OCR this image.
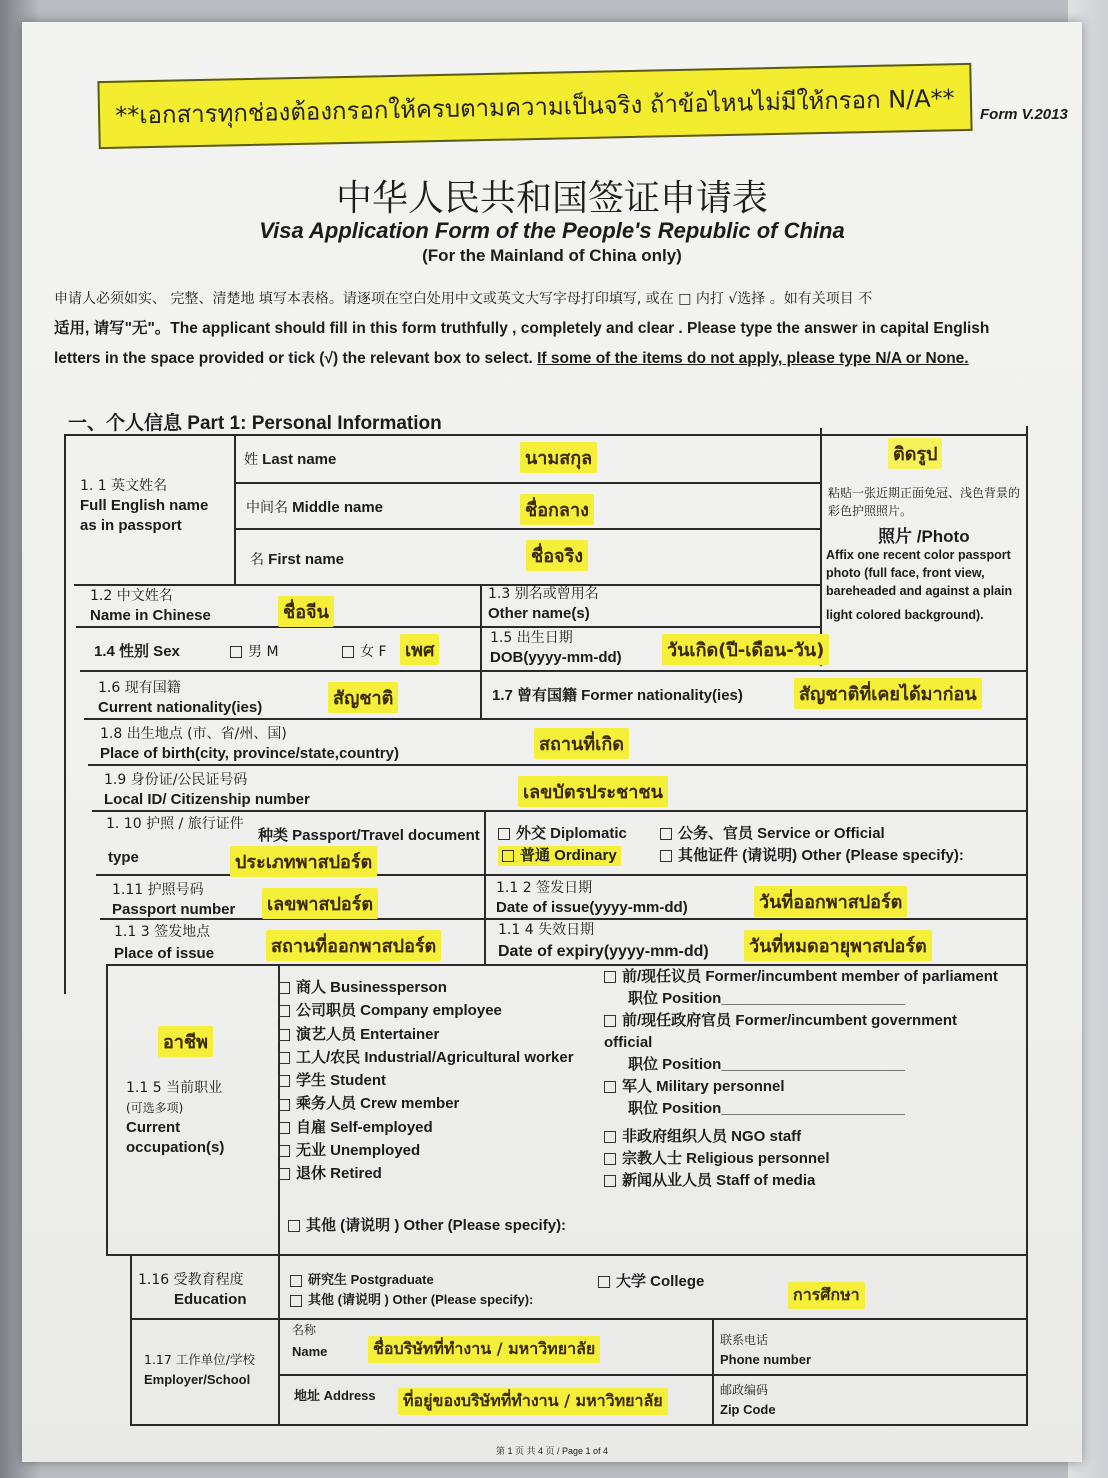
**เอกสารทุกช่องต้องกรอกให้ครบตามความเป็นจริง ถ้าข้อไหนไม่มีให้กรอก N/A**	Form V.2013
中华人民共和国签证申请表
Visa Application Form of the People's Republic of China
(For the Mainland of China only)
申请人必须如实、 完整、清楚地 填写本表格。请逐项在空白处用中文或英文大写字母打印填写, 或在 □ 内打 √选择 。如有关项目 不
适用, 请写"无"。The applicant should fill in this form truthfully , completely and clear . Please type the answer in capital English
letters in the space provided or tick (√) the relevant box to select. If some of the items do not apply, please type N/A or None.
一、个人信息 Part 1: Personal Information
1. 1 英文姓名
Full English name
as in passport
姓 Last name	นามสกุล
中间名 Middle name	ชื่อกลาง
名 First name	ชื่อจริง
ติดรูป
粘贴一张近期正面免冠、浅色背景的彩色护照照片。
照片 /Photo
Affix one recent color passport
photo (full face, front view,
bareheaded and against a plain
light colored background).
1.2 中文姓名
Name in Chinese	ชื่อจีน
1.3 别名或曾用名
Other name(s)
1.4 性别 Sex	男 M	女 F เพศ
1.5 出生日期
DOB(yyyy-mm-dd)	วันเกิด(ปี-เดือน-วัน)
1.6 现有国籍
Current nationality(ies)	สัญชาติ	1.7 曾有国籍 Former nationality(ies)	สัญชาติที่เคยได้มาก่อน
1.8 出生地点 (市、省/州、国)
Place of birth(city, province/state,country)	สถานที่เกิด
1.9 身份证/公民证号码
Local ID/ Citizenship number	เลขบัตรประชาชน
1. 10 护照 / 旅行证件
种类 Passport/Travel document
type	ประเภทพาสปอร์ต
外交 Diplomatic	公务、官员 Service or Official
普通 Ordinary	其他证件 (请说明) Other (Please specify):
1.11 护照号码
Passport number เลขพาสปอร์ต
1.1 2 签发日期
Date of issue(yyyy-mm-dd)	วันที่ออกพาสปอร์ต
1.1 3 签发地点
Place of issue	สถานที่ออกพาสปอร์ต
1.1 4 失效日期
Date of expiry(yyyy-mm-dd) วันที่หมดอายุพาสปอร์ต
อาชีพ
1.1 5 当前职业
(可选多项)
Current
occupation(s)
商人 Businessperson
公司职员 Company employee
演艺人员 Entertainer
工人/农民 Industrial/Agricultural worker
学生 Student
乘务人员 Crew member
自雇 Self-employed
无业 Unemployed
退休 Retired
其他 (请说明 ) Other (Please specify):
前/现任议员 Former/incumbent member of parliament
职位 Position______________________
前/现任政府官员 Former/incumbent government
official
职位 Position______________________
军人 Military personnel
职位 Position______________________
非政府组织人员 NGO staff
宗教人士 Religious personnel
新闻从业人员 Staff of media
1.16 受教育程度
Education
研究生 Postgraduate
其他 (请说明 ) Other (Please specify):
大学 College
การศึกษา
1.17 工作单位/学校
Employer/School
名称
Name	ชื่อบริษัทที่ทำงาน / มหาวิทยาลัย	联系电话
Phone number
地址 Address	ที่อยู่ของบริษัทที่ทำงาน / มหาวิทยาลัย
邮政编码
Zip Code
第 1 页 共 4 页 / Page 1 of 4
